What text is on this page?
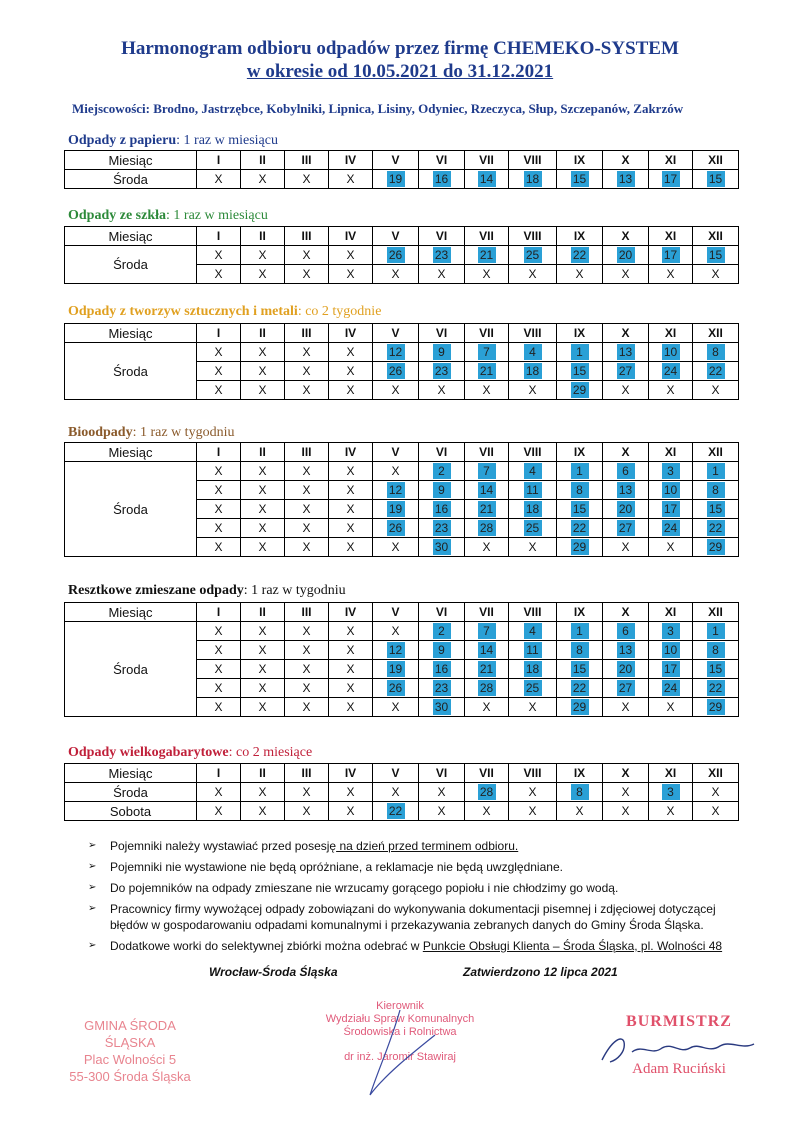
Harmonogram odbioru odpadów przez firmę CHEMEKO-SYSTEM
w okresie od 10.05.2021 do 31.12.2021
Miejscowości: Brodno, Jastrzębce, Kobylniki, Lipnica, Lisiny, Odyniec, Rzeczyca, Słup, Szczepanów, Zakrzów
Odpady z papieru: 1 raz w miesiącu
Miesiąc	I	II	III	IV	V	VI	VII	VIII	IX	X	XI	XII
Środa	X	X	X	X	19	16	14	18	15	13	17	15
Odpady ze szkła: 1 raz w miesiącu
Miesiąc	I	II	III	IV	V	VI	VII	VIII	IX	X	XI	XII
Środa	X	X	X	X	26	23	21	25	22	20	17	15
	X	X	X	X	X	X	X	X	X	X	X	X
Odpady z tworzyw sztucznych i metali: co 2 tygodnie
Miesiąc	I	II	III	IV	V	VI	VII	VIII	IX	X	XI	XII
Środa	X	X	X	X	12	9	7	4	1	13	10	8
	X	X	X	X	26	23	21	18	15	27	24	22
	X	X	X	X	X	X	X	X	29	X	X	X
Bioodpady: 1 raz w tygodniu
Miesiąc	I	II	III	IV	V	VI	VII	VIII	IX	X	XI	XII
Środa	X	X	X	X	X	2	7	4	1	6	3	1
	X	X	X	X	12	9	14	11	8	13	10	8
	X	X	X	X	19	16	21	18	15	20	17	15
	X	X	X	X	26	23	28	25	22	27	24	22
	X	X	X	X	X	30	X	X	29	X	X	29
Resztkowe zmieszane odpady: 1 raz w tygodniu
Miesiąc	I	II	III	IV	V	VI	VII	VIII	IX	X	XI	XII
Środa	X	X	X	X	X	2	7	4	1	6	3	1
	X	X	X	X	12	9	14	11	8	13	10	8
	X	X	X	X	19	16	21	18	15	20	17	15
	X	X	X	X	26	23	28	25	22	27	24	22
	X	X	X	X	X	30	X	X	29	X	X	29
Odpady wielkogabarytowe: co 2 miesiące
Miesiąc	I	II	III	IV	V	VI	VII	VIII	IX	X	XI	XII
Środa	X	X	X	X	X	X	28	X	8	X	3	X
Sobota	X	X	X	X	22	X	X	X	X	X	X	X
➢	Pojemniki należy wystawiać przed posesję na dzień przed terminem odbioru.
➢	Pojemniki nie wystawione nie będą opróżniane, a reklamacje nie będą uwzględniane.
➢	Do pojemników na odpady zmieszane nie wrzucamy gorącego popiołu i nie chłodzimy go wodą.
➢	Pracownicy firmy wywożącej odpady zobowiązani do wykonywania dokumentacji pisemnej i zdjęciowej dotyczącej błędów w gospodarowaniu odpadami komunalnymi i przekazywania zebranych danych do Gminy Środa Śląska.
➢	Dodatkowe worki do selektywnej zbiórki można odebrać w Punkcie Obsługi Klienta – Środa Śląska, pl. Wolności 48
Wrocław-Środa Śląska	Zatwierdzono 12 lipca 2021
GMINA ŚRODA ŚLĄSKA
Plac Wolności 5
55-300 Środa Śląska
Kierownik
Wydziału Spraw Komunalnych
Środowiska i Rolnictwa
dr inż. Jaromir Stawiraj
BURMISTRZ
Adam Ruciński
